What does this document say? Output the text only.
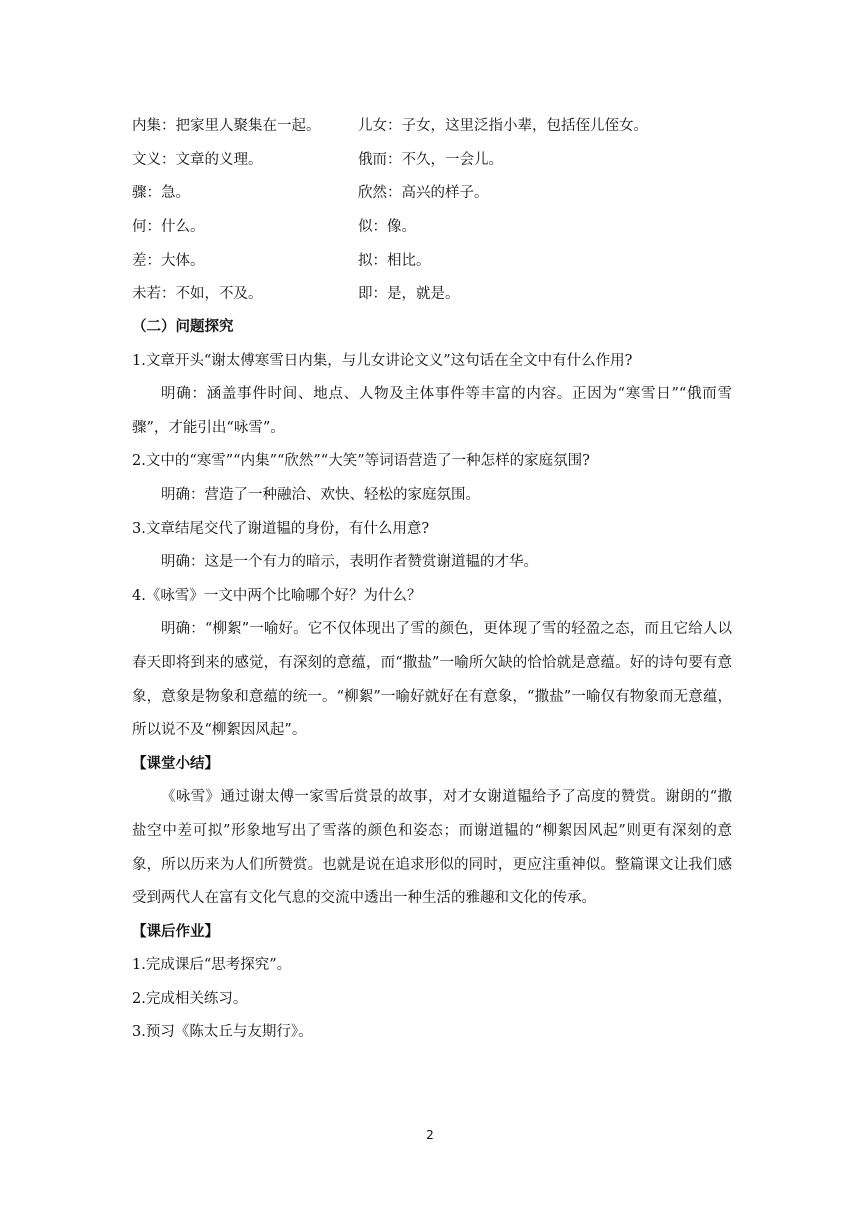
内集：把家里人聚集在一起。	儿女：子女，这里泛指小辈，包括侄儿侄女。
文义：文章的义理。	俄而：不久，一会儿。
骤：急。	欣然：高兴的样子。
何：什么。	似：像。
差：大体。	拟：相比。
未若：不如，不及。	即：是，就是。
（二）问题探究
1.文章开头“谢太傅寒雪日内集，与儿女讲论文义”这句话在全文中有什么作用?
明确：涵盖事件时间、地点、人物及主体事件等丰富的内容。正因为“寒雪日”“俄而雪骤”，才能引出“咏雪”。
2.文中的“寒雪”“内集”“欣然”“大笑”等词语营造了一种怎样的家庭氛围?
明确：营造了一种融洽、欢快、轻松的家庭氛围。
3.文章结尾交代了谢道韫的身份，有什么用意?
明确：这是一个有力的暗示，表明作者赞赏谢道韫的才华。
4.《咏雪》一文中两个比喻哪个好？为什么？
明确：“柳絮”一喻好。它不仅体现出了雪的颜色，更体现了雪的轻盈之态，而且它给人以春天即将到来的感觉，有深刻的意蕴，而“撒盐”一喻所欠缺的恰恰就是意蕴。好的诗句要有意象，意象是物象和意蕴的统一。“柳絮”一喻好就好在有意象，“撒盐”一喻仅有物象而无意蕴，所以说不及“柳絮因风起”。
【课堂小结】
《咏雪》通过谢太傅一家雪后赏景的故事，对才女谢道韫给予了高度的赞赏。谢朗的“撒盐空中差可拟”形象地写出了雪落的颜色和姿态；而谢道韫的“柳絮因风起”则更有深刻的意象，所以历来为人们所赞赏。也就是说在追求形似的同时，更应注重神似。整篇课文让我们感受到两代人在富有文化气息的交流中透出一种生活的雅趣和文化的传承。
【课后作业】
1.完成课后“思考探究”。
2.完成相关练习。
3.预习《陈太丘与友期行》。
2
